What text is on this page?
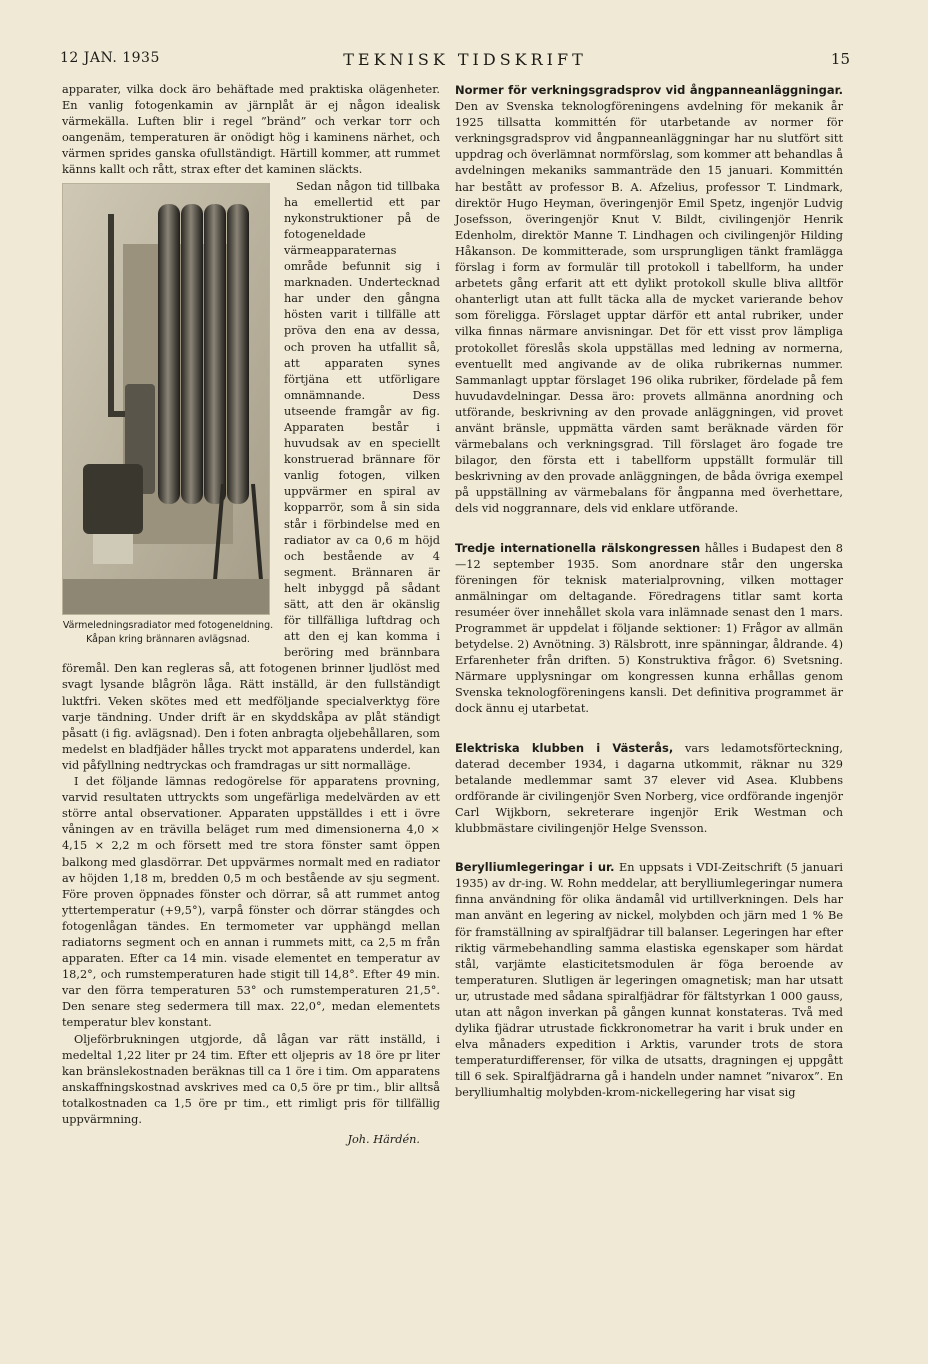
12 JAN. 1935	TEKNISK TIDSKRIFT	15

apparater, vilka dock äro behäftade med praktiska olägenheter. En vanlig fotogenkamin av järnplåt är ej någon idealisk värmekälla. Luften blir i regel ”bränd” och verkar torr och oangenäm, temperaturen är onödigt hög i kaminens närhet, och värmen sprides ganska ofullständigt. Härtill kommer, att rummet känns kallt och rått, strax efter det kaminen släckts.

Värmeledningsradiator med fotogeneldning. Kåpan kring brännaren avlägsnad.

Sedan någon tid tillbaka ha emellertid ett par nykonstruktioner på de fotogeneldade värmeapparaternas område befunnit sig i marknaden. Undertecknad har under den gångna hösten varit i tillfälle att pröva den ena av dessa, och proven ha utfallit så, att apparaten synes förtjäna ett utförligare omnämnande. Dess utseende framgår av fig. Apparaten består i huvudsak av en speciellt konstruerad brännare för vanlig fotogen, vilken uppvärmer en spiral av kopparrör, som å sin sida står i förbindelse med en radiator av ca 0,6 m höjd och bestående av 4 segment. Brännaren är helt inbyggd på sådant sätt, att den är okänslig för tillfälliga luftdrag och att den ej kan komma i beröring med brännbara föremål. Den kan regleras så, att fotogenen brinner ljudlöst med svagt lysande blågrön låga. Rätt inställd, är den fullständigt luktfri. Veken skötes med ett medföljande specialverktyg före varje tändning. Under drift är en skyddskåpa av plåt ständigt påsatt (i fig. avlägsnad). Den i foten anbragta oljebehållaren, som medelst en bladfjäder hålles tryckt mot apparatens underdel, kan vid påfyllning nedtryckas och framdragas ur sitt normalläge.

I det följande lämnas redogörelse för apparatens provning, varvid resultaten uttryckts som ungefärliga medelvärden av ett större antal observationer. Apparaten uppställdes i ett i övre våningen av en trävilla beläget rum med dimensionerna 4,0 × 4,15 × 2,2 m och försett med tre stora fönster samt öppen balkong med glasdörrar. Det uppvärmes normalt med en radiator av höjden 1,18 m, bredden 0,5 m och bestående av sju segment. Före proven öppnades fönster och dörrar, så att rummet antog yttertemperatur (+9,5°), varpå fönster och dörrar stängdes och fotogenlågan tändes. En termometer var upphängd mellan radiatorns segment och en annan i rummets mitt, ca 2,5 m från apparaten. Efter ca 14 min. visade elementet en temperatur av 18,2°, och rumstemperaturen hade stigit till 14,8°. Efter 49 min. var den förra temperaturen 53° och rumstemperaturen 21,5°. Den senare steg sedermera till max. 22,0°, medan elementets temperatur blev konstant.

Oljeförbrukningen utgjorde, då lågan var rätt inställd, i medeltal 1,22 liter pr 24 tim. Efter ett oljepris av 18 öre pr liter kan bränslekostnaden beräknas till ca 1 öre i tim. Om apparatens anskaffningskostnad avskrives med ca 0,5 öre pr tim., blir alltså totalkostnaden ca 1,5 öre pr tim., ett rimligt pris för tillfällig uppvärmning.

Joh. Härdén.

Normer för verkningsgradsprov vid ångpanneanläggningar. Den av Svenska teknologföreningens avdelning för mekanik år 1925 tillsatta kommittén för utarbetande av normer för verkningsgradsprov vid ångpanneanläggningar har nu slutfört sitt uppdrag och överlämnat normförslag, som kommer att behandlas å avdelningen mekaniks sammanträde den 15 januari. Kommittén har bestått av professor B. A. Afzelius, professor T. Lindmark, direktör Hugo Heyman, överingenjör Emil Spetz, ingenjör Ludvig Josefsson, överingenjör Knut V. Bildt, civilingenjör Henrik Edenholm, direktör Manne T. Lindhagen och civilingenjör Hilding Håkanson. De kommitterade, som ursprungligen tänkt framlägga förslag i form av formulär till protokoll i tabellform, ha under arbetets gång erfarit att ett dylikt protokoll skulle bliva alltför ohanterligt utan att fullt täcka alla de mycket varierande behov som föreligga. Förslaget upptar därför ett antal rubriker, under vilka finnas närmare anvisningar. Det för ett visst prov lämpliga protokollet föreslås skola uppställas med ledning av normerna, eventuellt med angivande av de olika rubrikernas nummer. Sammanlagt upptar förslaget 196 olika rubriker, fördelade på fem huvudavdelningar. Dessa äro: provets allmänna anordning och utförande, beskrivning av den provade anläggningen, vid provet använt bränsle, uppmätta värden samt beräknade värden för värmebalans och verkningsgrad. Till förslaget äro fogade tre bilagor, den första ett i tabellform uppställt formulär till beskrivning av den provade anläggningen, de båda övriga exempel på uppställning av värmebalans för ångpanna med överhettare, dels vid noggrannare, dels vid enklare utförande.

Tredje internationella rälskongressen hålles i Budapest den 8—12 september 1935. Som anordnare står den ungerska föreningen för teknisk materialprovning, vilken mottager anmälningar om deltagande. Föredragens titlar samt korta resuméer över innehållet skola vara inlämnade senast den 1 mars. Programmet är uppdelat i följande sektioner: 1) Frågor av allmän betydelse. 2) Avnötning. 3) Rälsbrott, inre spänningar, åldrande. 4) Erfarenheter från driften. 5) Konstruktiva frågor. 6) Svetsning. Närmare upplysningar om kongressen kunna erhållas genom Svenska teknologföreningens kansli. Det definitiva programmet är dock ännu ej utarbetat.

Elektriska klubben i Västerås, vars ledamotsförteckning, daterad december 1934, i dagarna utkommit, räknar nu 329 betalande medlemmar samt 37 elever vid Asea. Klubbens ordförande är civilingenjör Sven Norberg, vice ordförande ingenjör Carl Wijkborn, sekreterare ingenjör Erik Westman och klubbmästare civilingenjör Helge Svensson.

Berylliumlegeringar i ur. En uppsats i VDI-Zeitschrift (5 januari 1935) av dr-ing. W. Rohn meddelar, att berylliumlegeringar numera finna användning för olika ändamål vid urtillverkningen. Dels har man använt en legering av nickel, molybden och järn med 1 % Be för framställning av spiralfjädrar till balanser. Legeringen har efter riktig värmebehandling samma elastiska egenskaper som härdat stål, varjämte elasticitetsmodulen är föga beroende av temperaturen. Slutligen är legeringen omagnetisk; man har utsatt ur, utrustade med sådana spiralfjädrar för fältstyrkan 1 000 gauss, utan att någon inverkan på gången kunnat konstateras. Två med dylika fjädrar utrustade fickkronometrar ha varit i bruk under en elva månaders expedition i Arktis, varunder trots de stora temperaturdifferenser, för vilka de utsatts, dragningen ej uppgått till 6 sek. Spiralfjädrarna gå i handeln under namnet ”nivarox”. En berylliumhaltig molybden-krom-nickellegering har visat sig
